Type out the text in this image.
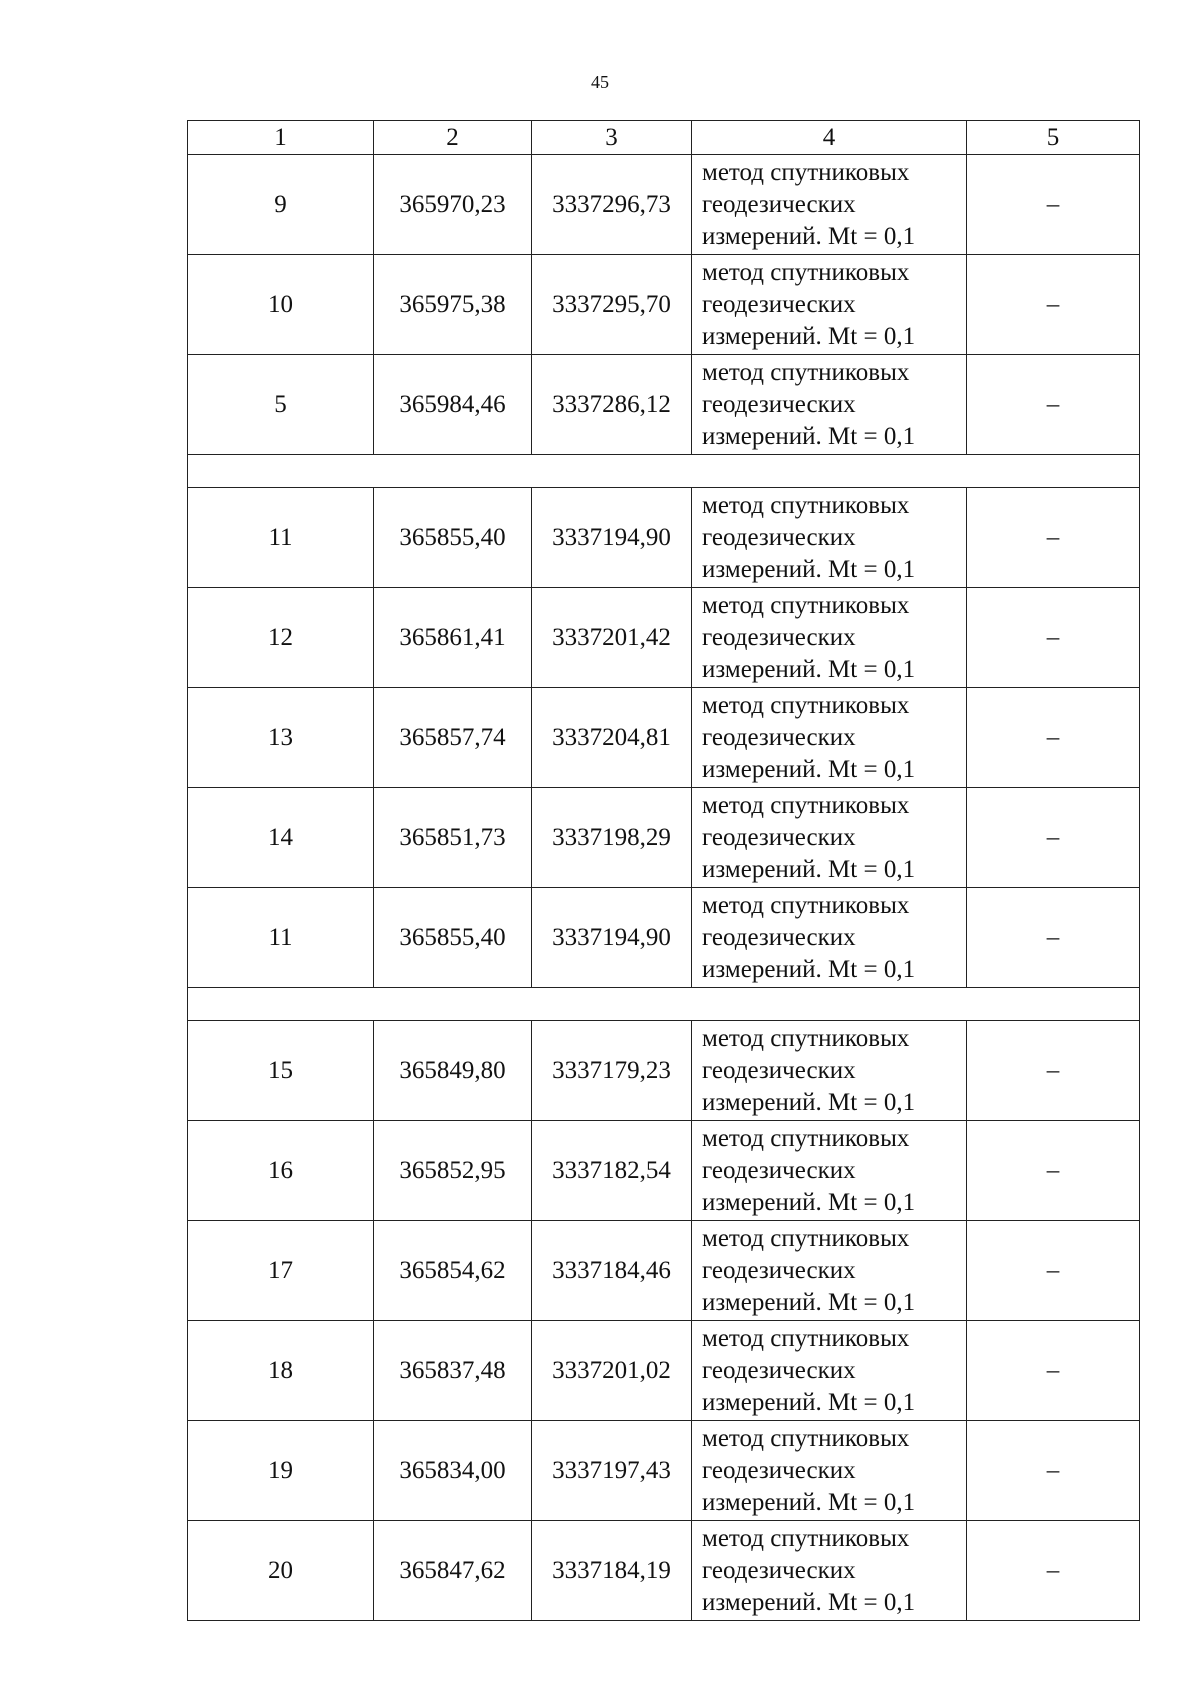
45
1	2	3	4	5
9	365970,23	3337296,73	метод спутниковых
геодезических
измерений. Mt = 0,1	–
10	365975,38	3337295,70	метод спутниковых
геодезических
измерений. Mt = 0,1	–
5	365984,46	3337286,12	метод спутниковых
геодезических
измерений. Mt = 0,1	–

11	365855,40	3337194,90	метод спутниковых
геодезических
измерений. Mt = 0,1	–
12	365861,41	3337201,42	метод спутниковых
геодезических
измерений. Mt = 0,1	–
13	365857,74	3337204,81	метод спутниковых
геодезических
измерений. Mt = 0,1	–
14	365851,73	3337198,29	метод спутниковых
геодезических
измерений. Mt = 0,1	–
11	365855,40	3337194,90	метод спутниковых
геодезических
измерений. Mt = 0,1	–

15	365849,80	3337179,23	метод спутниковых
геодезических
измерений. Mt = 0,1	–
16	365852,95	3337182,54	метод спутниковых
геодезических
измерений. Mt = 0,1	–
17	365854,62	3337184,46	метод спутниковых
геодезических
измерений. Mt = 0,1	–
18	365837,48	3337201,02	метод спутниковых
геодезических
измерений. Mt = 0,1	–
19	365834,00	3337197,43	метод спутниковых
геодезических
измерений. Mt = 0,1	–
20	365847,62	3337184,19	метод спутниковых
геодезических
измерений. Mt = 0,1	–
